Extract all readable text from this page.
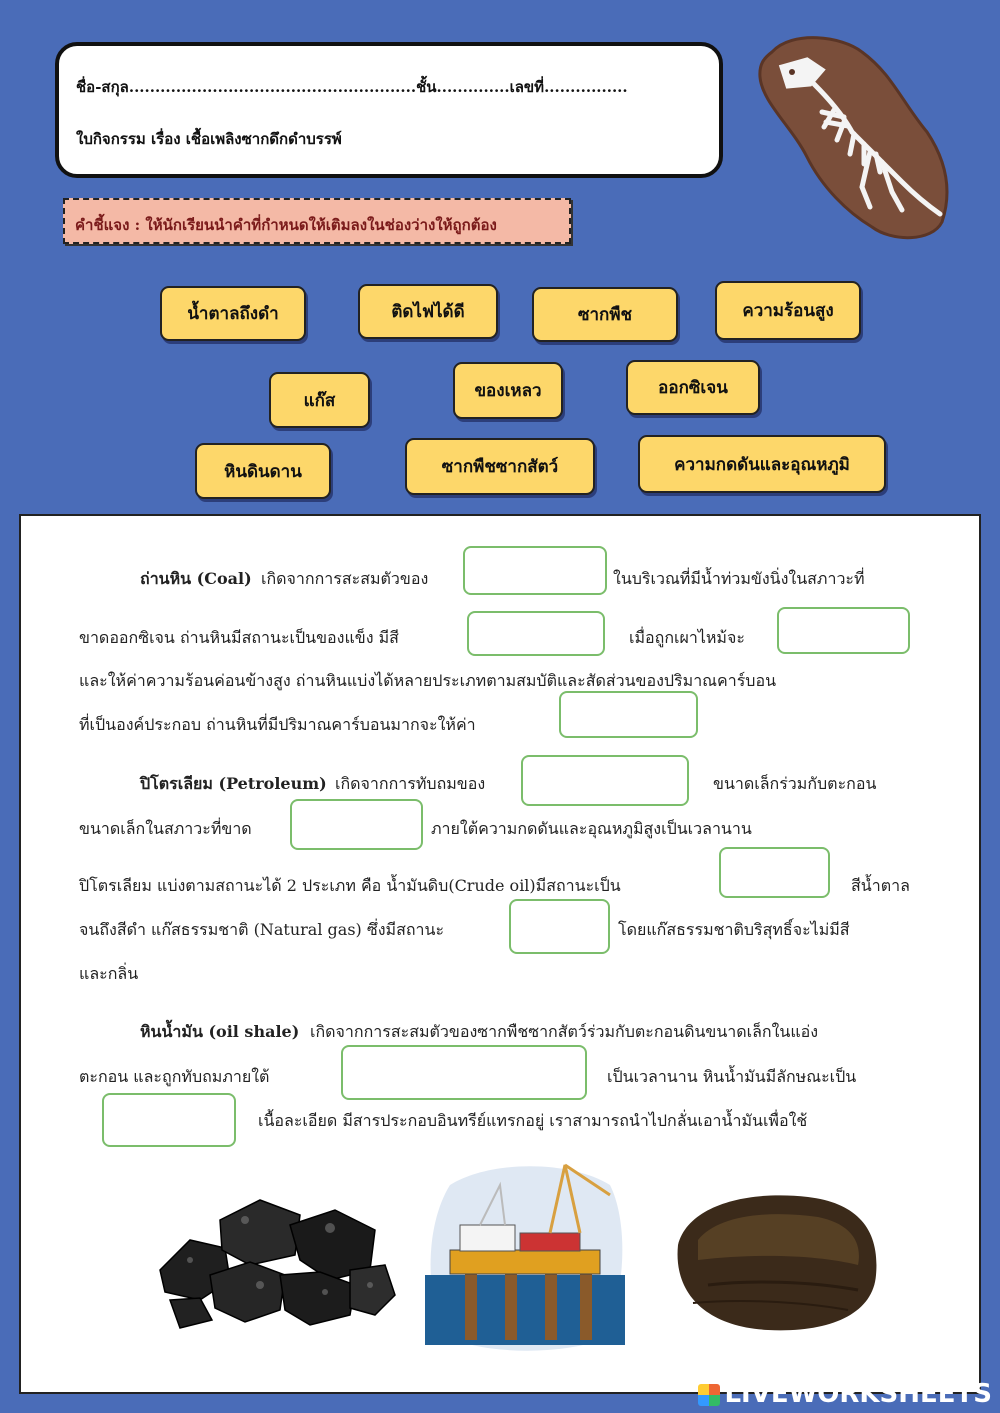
ชื่อ-สกุล.......................................................ชั้น..............เลขที่................
ใบกิจกรรม เรื่อง เชื้อเพลิงซากดึกดำบรรพ์
คำชี้แจง : ให้นักเรียนนำคำที่กำหนดให้เติมลงในช่องว่างให้ถูกต้อง
น้ำตาลถึงดำ	ติดไฟได้ดี	ซากพืช	ความร้อนสูง
แก๊ส	ของเหลว	ออกซิเจน
หินดินดาน	ซากพืชซากสัตว์	ความกดดันและอุณหภูมิ
ถ่านหิน (Coal) เกิดจากการสะสมตัวของ	ในบริเวณที่มีน้ำท่วมขังนิ่งในสภาวะที่
ขาดออกซิเจน ถ่านหินมีสถานะเป็นของแข็ง มีสี	เมื่อถูกเผาไหม้จะ
และให้ค่าความร้อนค่อนข้างสูง ถ่านหินแบ่งได้หลายประเภทตามสมบัติและสัดส่วนของปริมาณคาร์บอน
ที่เป็นองค์ประกอบ ถ่านหินที่มีปริมาณคาร์บอนมากจะให้ค่า
ปิโตรเลียม (Petroleum) เกิดจากการทับถมของ	ขนาดเล็กร่วมกับตะกอน
ขนาดเล็กในสภาวะที่ขาด	ภายใต้ความกดดันและอุณหภูมิสูงเป็นเวลานาน
ปิโตรเลียม แบ่งตามสถานะได้ 2 ประเภท คือ น้ำมันดิบ(Crude oil)มีสถานะเป็น	สีน้ำตาล
จนถึงสีดำ แก๊สธรรมชาติ (Natural gas) ซึ่งมีสถานะ	โดยแก๊สธรรมชาติบริสุทธิ์จะไม่มีสี
และกลิ่น
หินน้ำมัน (oil shale) เกิดจากการสะสมตัวของซากพืชซากสัตว์ร่วมกับตะกอนดินขนาดเล็กในแอ่ง
ตะกอน และถูกทับถมภายใต้	เป็นเวลานาน หินน้ำมันมีลักษณะเป็น
เนื้อละเอียด มีสารประกอบอินทรีย์แทรกอยู่ เราสามารถนำไปกลั่นเอาน้ำมันเพื่อใช้
LIVEWORKSHEETS
